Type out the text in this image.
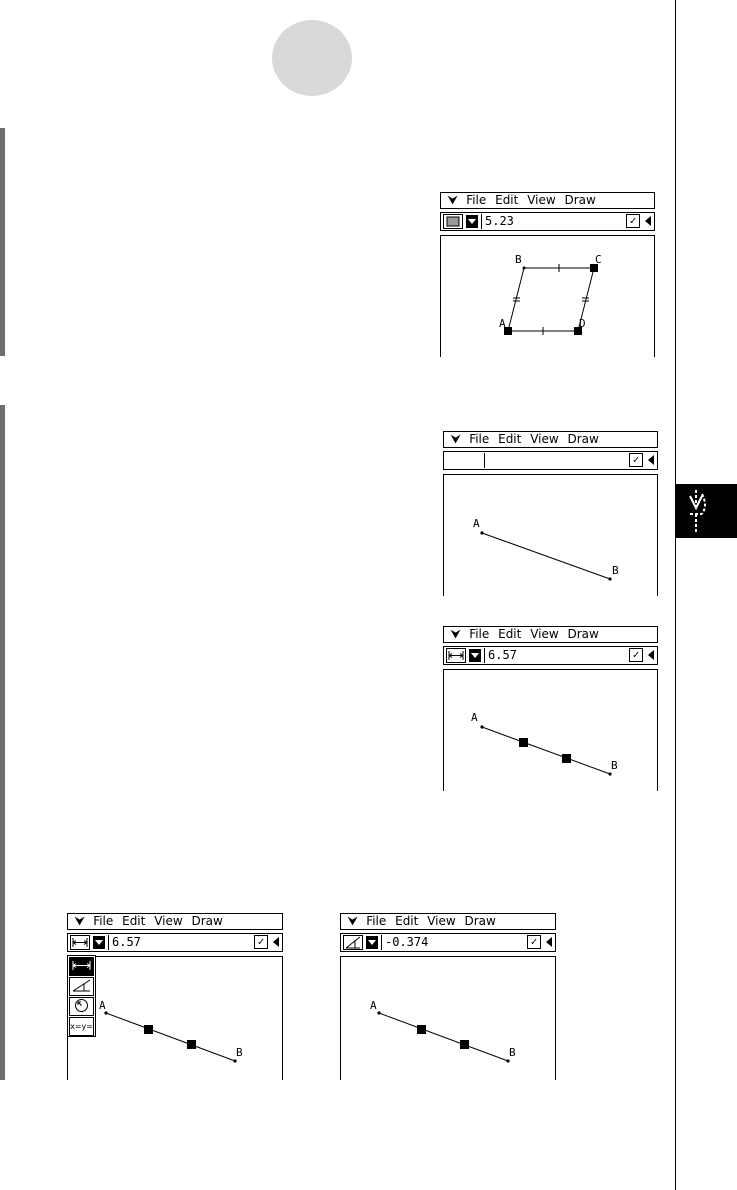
⮟ File Edit View Draw
5.23	✓
A
B	C
D
⮟ File Edit View Draw
✓
A
B
⮟ File Edit View Draw
6.57	✓
A
B
⮟ File Edit View Draw
6.57	✓
A
B
x=y=
⮟ File Edit View Draw
-0.374	✓
A
B
